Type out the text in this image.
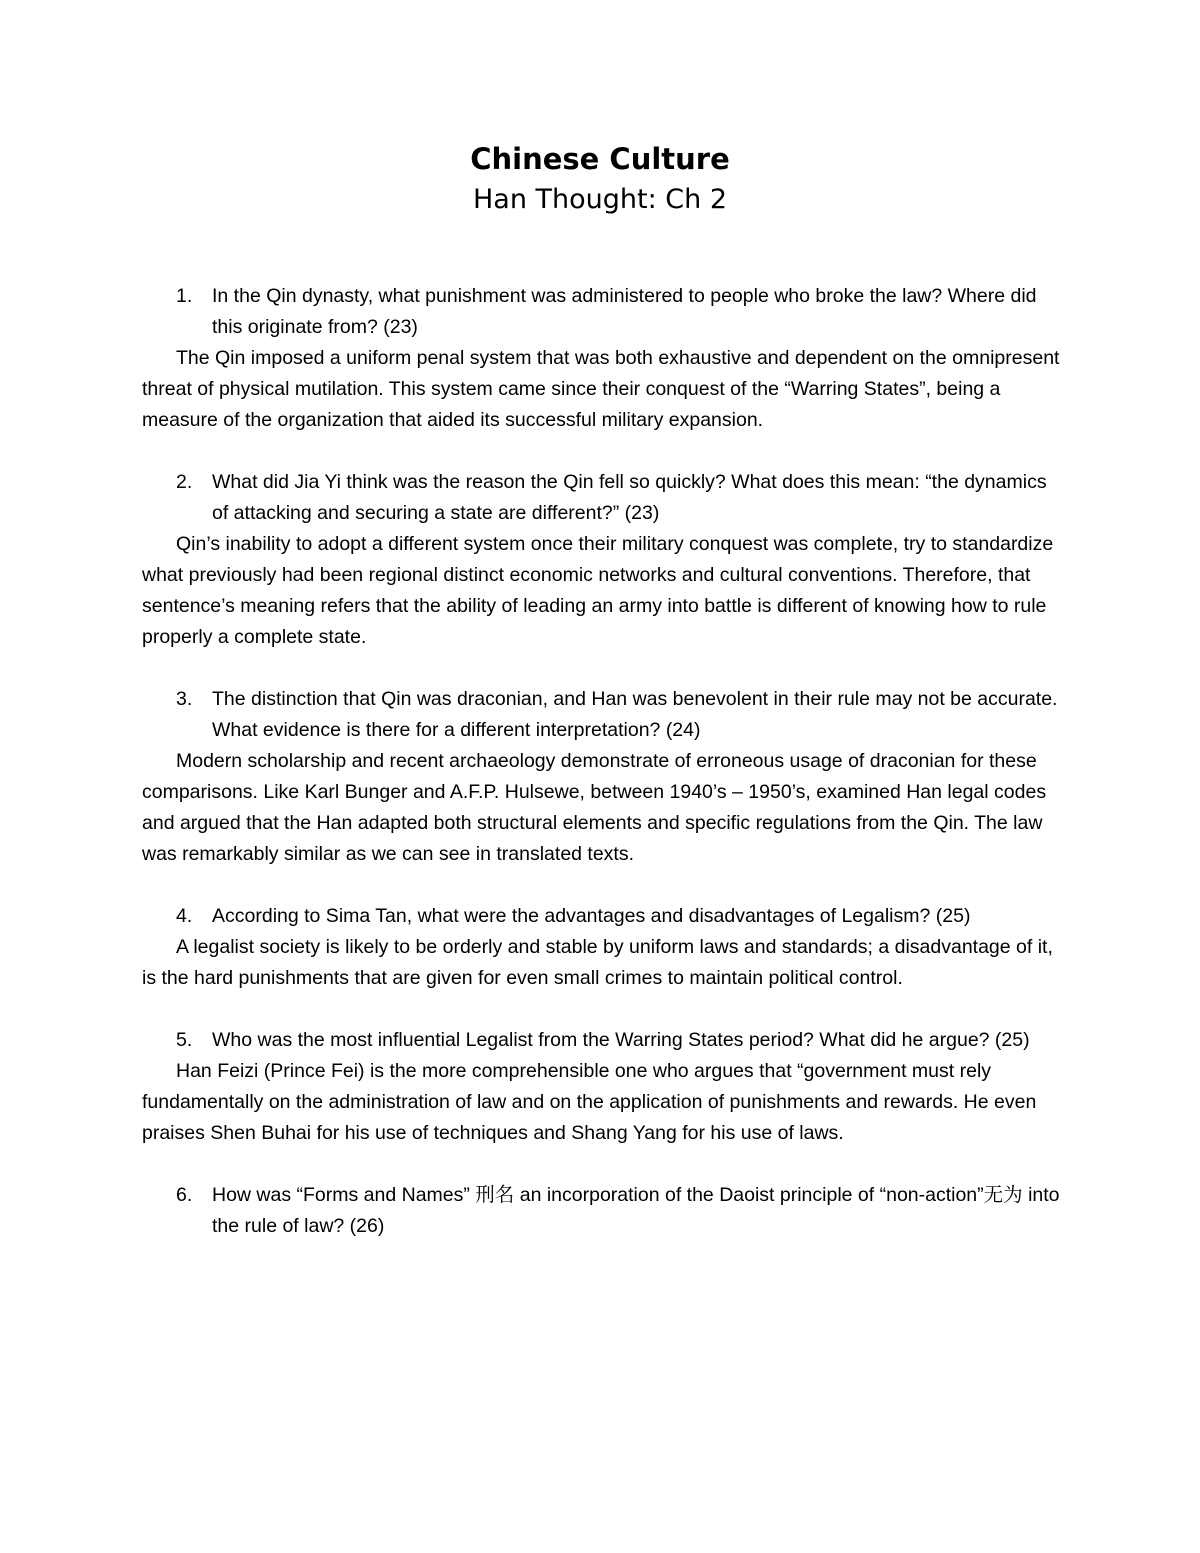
Chinese Culture
Han Thought: Ch 2

1. In the Qin dynasty, what punishment was administered to people who broke the law? Where did this originate from? (23)

The Qin imposed a uniform penal system that was both exhaustive and dependent on the omnipresent threat of physical mutilation. This system came since their conquest of the “Warring States”, being a measure of the organization that aided its successful military expansion.

2. What did Jia Yi think was the reason the Qin fell so quickly? What does this mean: “the dynamics of attacking and securing a state are different?” (23)

Qin’s inability to adopt a different system once their military conquest was complete, try to standardize what previously had been regional distinct economic networks and cultural conventions. Therefore, that sentence’s meaning refers that the ability of leading an army into battle is different of knowing how to rule properly a complete state.

3. The distinction that Qin was draconian, and Han was benevolent in their rule may not be accurate. What evidence is there for a different interpretation? (24)

Modern scholarship and recent archaeology demonstrate of erroneous usage of draconian for these comparisons. Like Karl Bunger and A.F.P. Hulsewe, between 1940’s – 1950’s, examined Han legal codes and argued that the Han adapted both structural elements and specific regulations from the Qin. The law was remarkably similar as we can see in translated texts.

4. According to Sima Tan, what were the advantages and disadvantages of Legalism? (25)

A legalist society is likely to be orderly and stable by uniform laws and standards; a disadvantage of it, is the hard punishments that are given for even small crimes to maintain political control.

5. Who was the most influential Legalist from the Warring States period? What did he argue? (25)

Han Feizi (Prince Fei) is the more comprehensible one who argues that “government must rely fundamentally on the administration of law and on the application of punishments and rewards. He even praises Shen Buhai for his use of techniques and Shang Yang for his use of laws.

6. How was “Forms and Names” 刑名 an incorporation of the Daoist principle of “non-action”无为 into the rule of law? (26)
